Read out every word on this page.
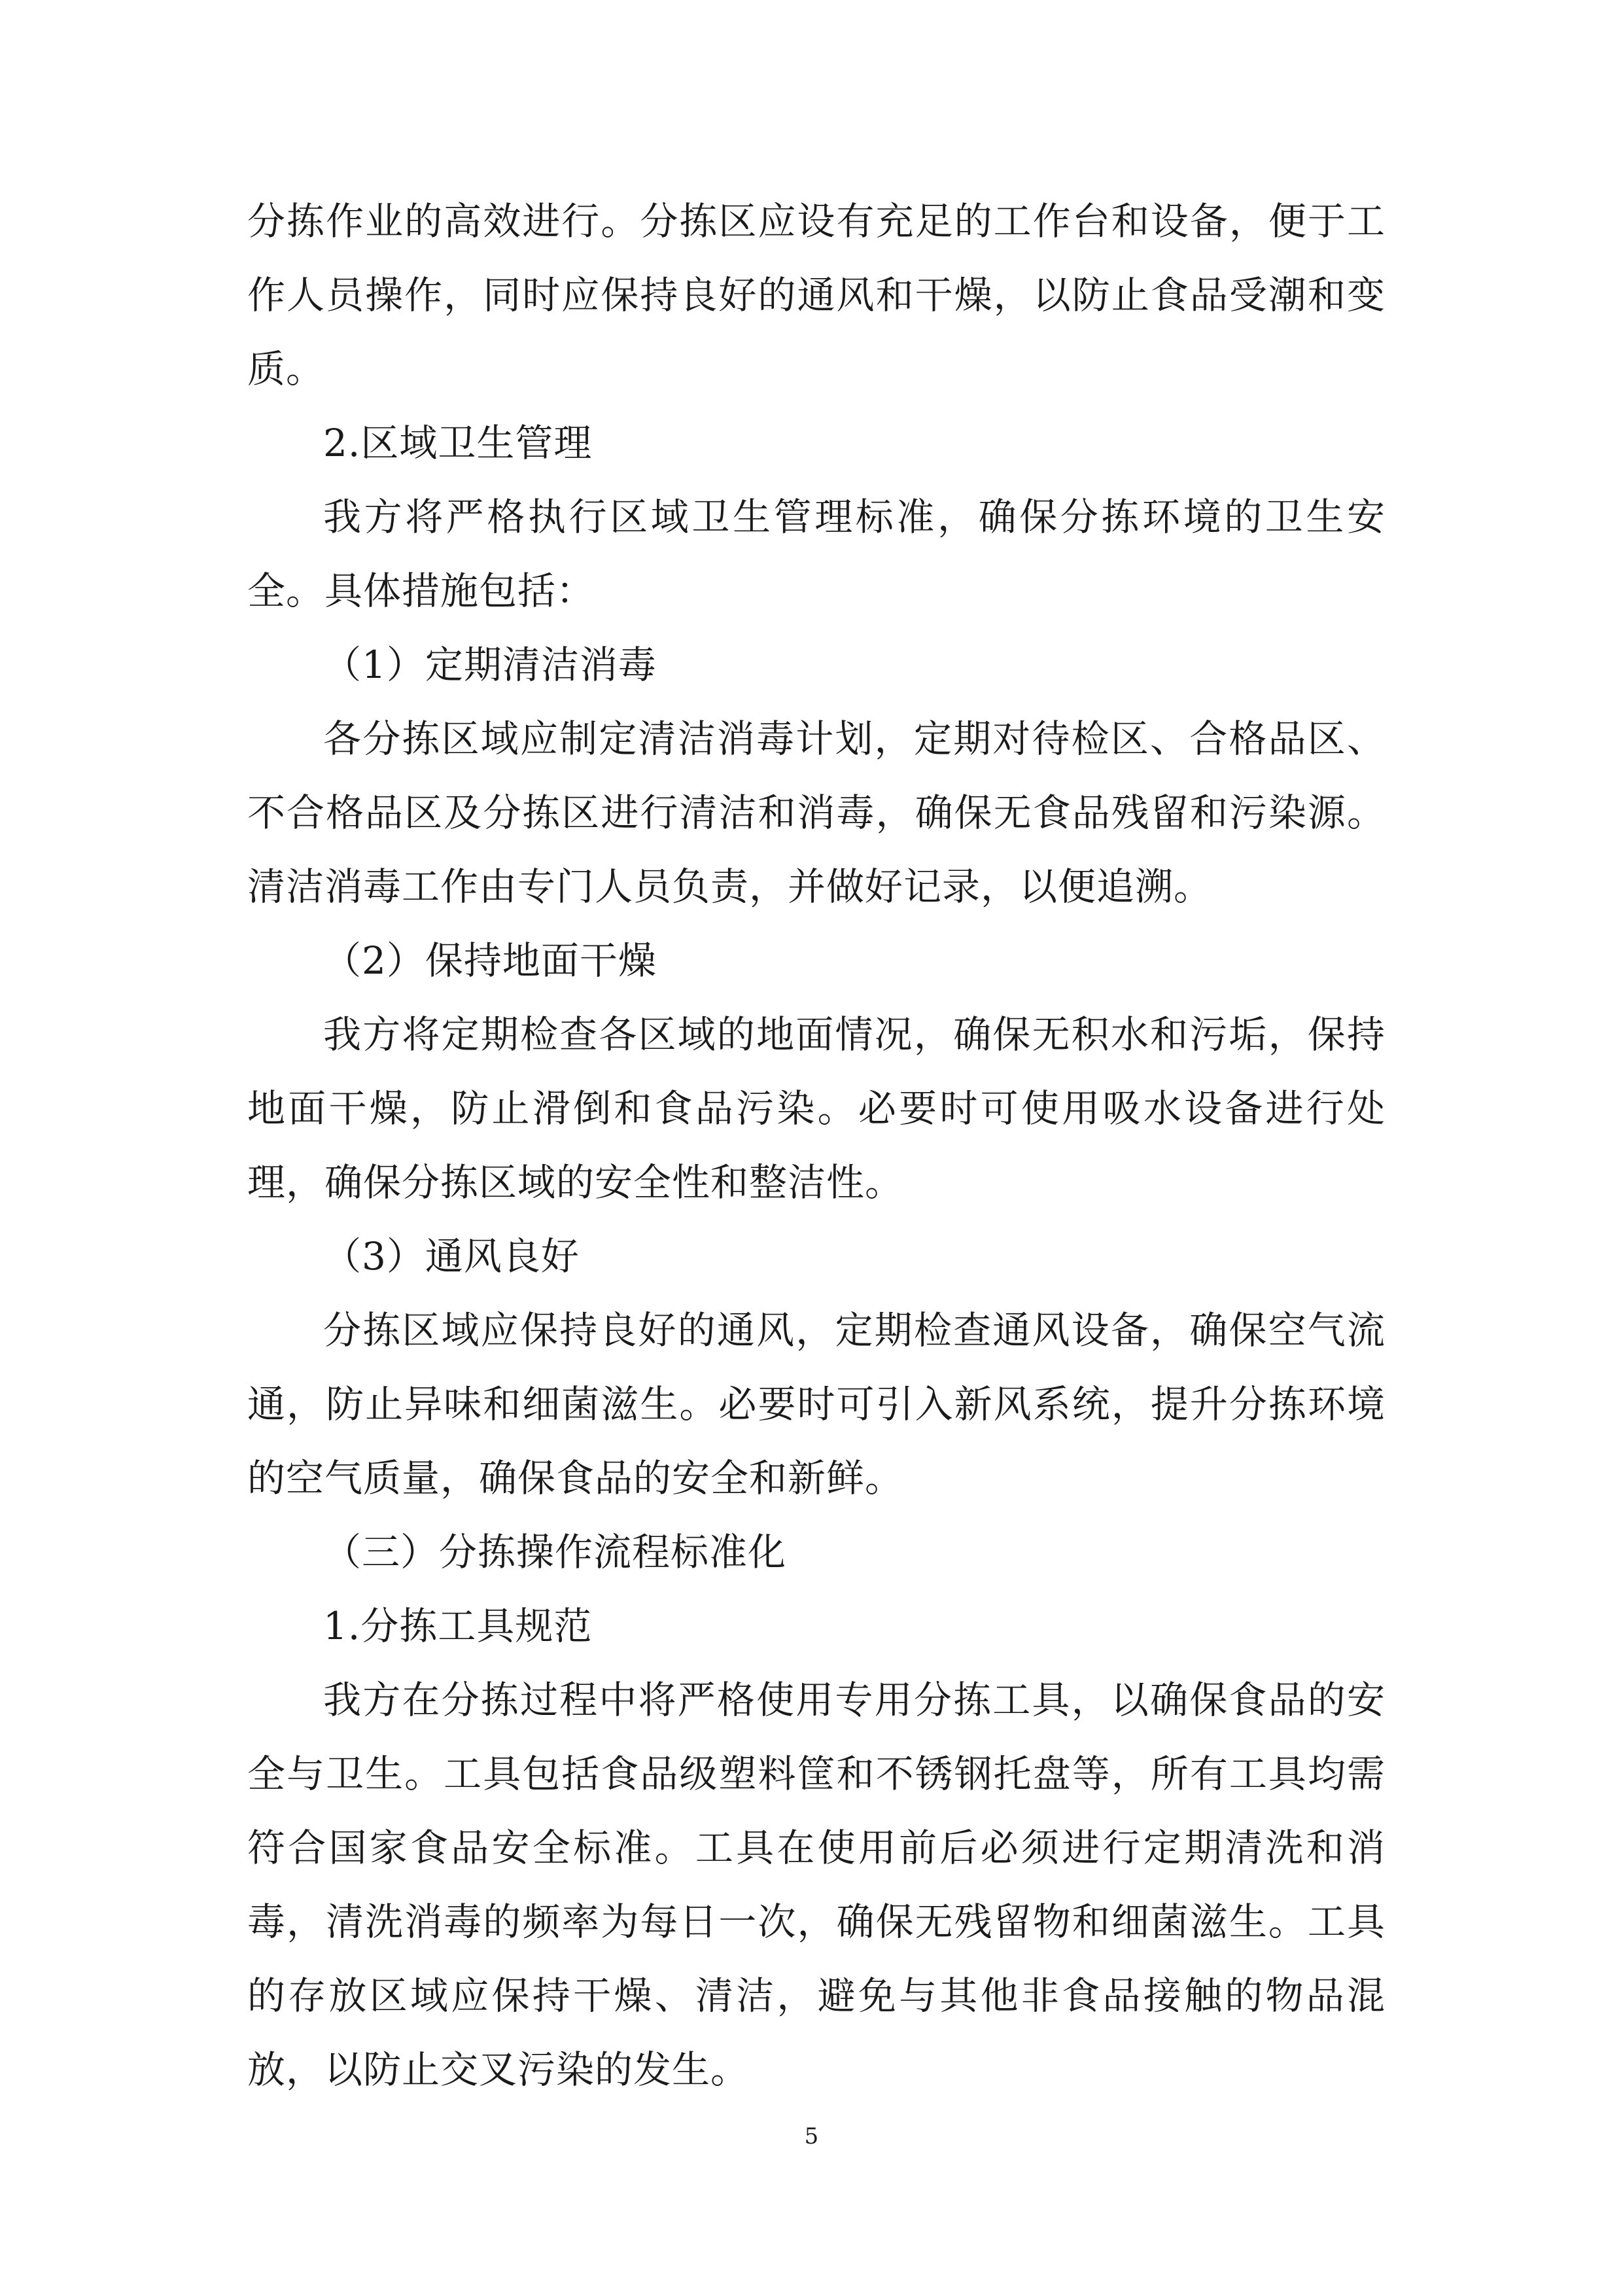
分拣作业的高效进行。分拣区应设有充足的工作台和设备，便于工作人员操作，同时应保持良好的通风和干燥，以防止食品受潮和变质。

2.区域卫生管理

我方将严格执行区域卫生管理标准，确保分拣环境的卫生安全。具体措施包括：

（1）定期清洁消毒

各分拣区域应制定清洁消毒计划，定期对待检区、合格品区、不合格品区及分拣区进行清洁和消毒，确保无食品残留和污染源。清洁消毒工作由专门人员负责，并做好记录，以便追溯。

（2）保持地面干燥

我方将定期检查各区域的地面情况，确保无积水和污垢，保持地面干燥，防止滑倒和食品污染。必要时可使用吸水设备进行处理，确保分拣区域的安全性和整洁性。

（3）通风良好

分拣区域应保持良好的通风，定期检查通风设备，确保空气流通，防止异味和细菌滋生。必要时可引入新风系统，提升分拣环境的空气质量，确保食品的安全和新鲜。

（三）分拣操作流程标准化

1.分拣工具规范

我方在分拣过程中将严格使用专用分拣工具，以确保食品的安全与卫生。工具包括食品级塑料筐和不锈钢托盘等，所有工具均需符合国家食品安全标准。工具在使用前后必须进行定期清洗和消毒，清洗消毒的频率为每日一次，确保无残留物和细菌滋生。工具的存放区域应保持干燥、清洁，避免与其他非食品接触的物品混放，以防止交叉污染的发生。

5
